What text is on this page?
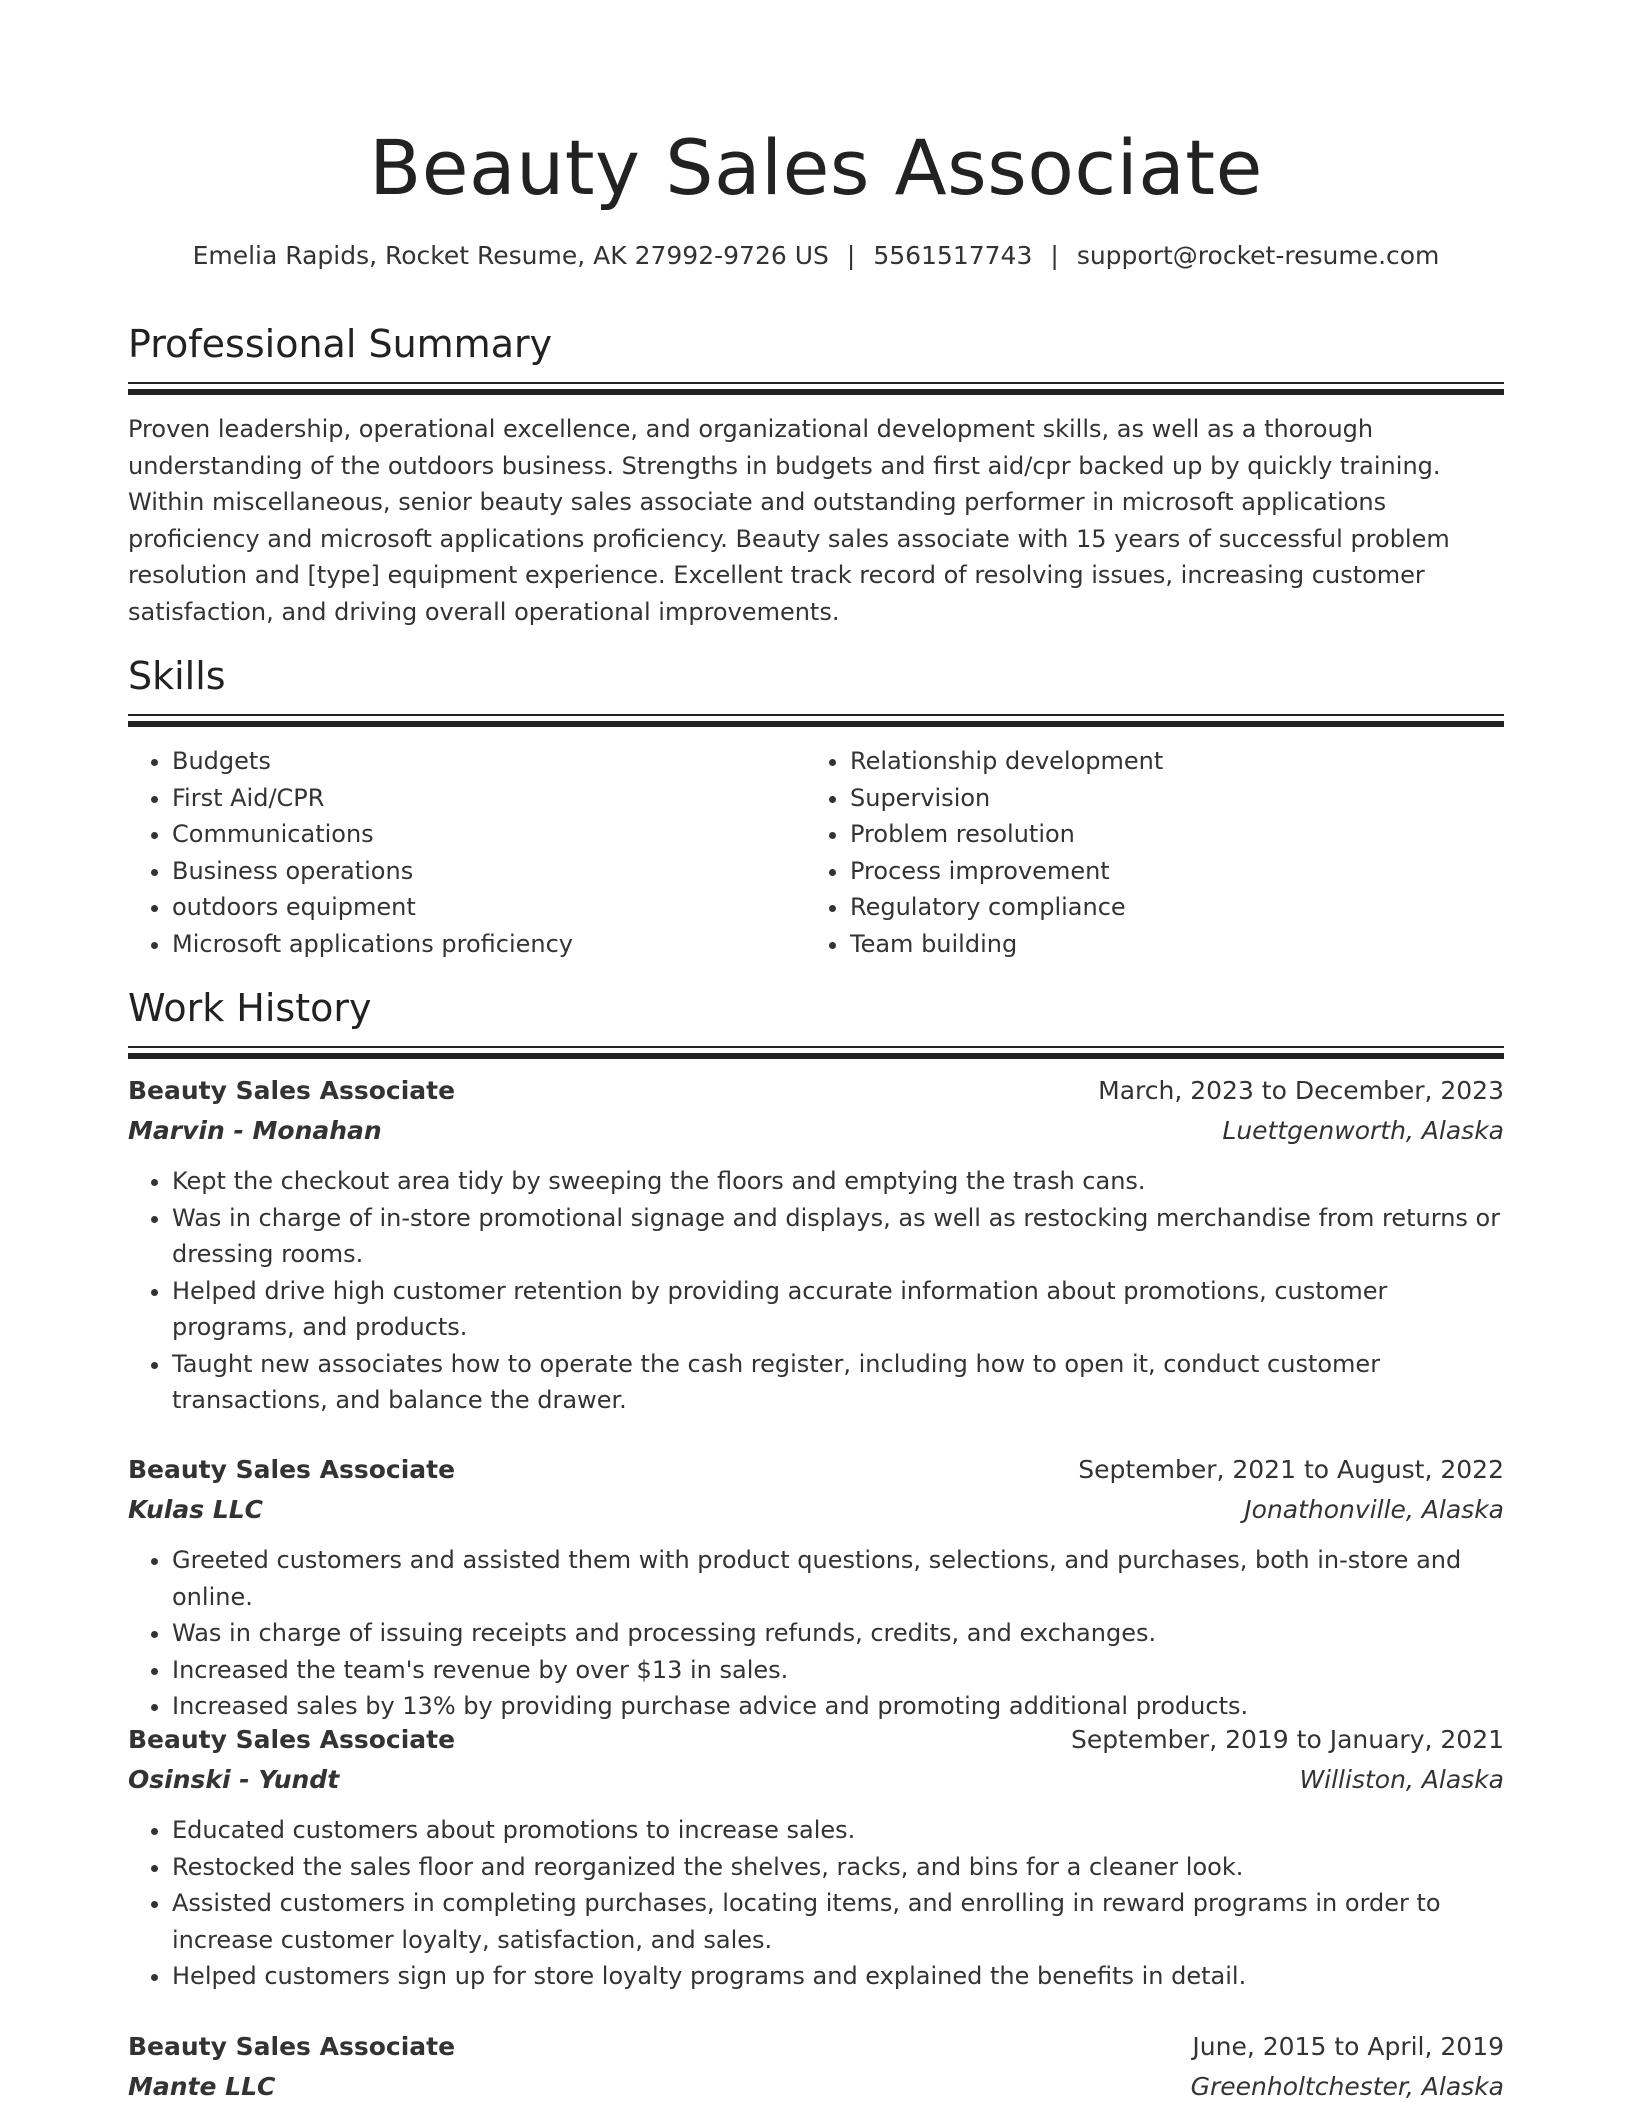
Beauty Sales Associate
Emelia Rapids, Rocket Resume, AK 27992-9726 US | 5561517743 | support@rocket-resume.com
Professional Summary

Proven leadership, operational excellence, and organizational development skills, as well as a thorough understanding of the outdoors business. Strengths in budgets and first aid/cpr backed up by quickly training. Within miscellaneous, senior beauty sales associate and outstanding performer in microsoft applications proficiency and microsoft applications proficiency. Beauty sales associate with 15 years of successful problem resolution and [type] equipment experience. Excellent track record of resolving issues, increasing customer satisfaction, and driving overall operational improvements.

Skills
• Budgets
• First Aid/CPR
• Communications
• Business operations
• outdoors equipment
• Microsoft applications proficiency
• Relationship development
• Supervision
• Problem resolution
• Process improvement
• Regulatory compliance
• Team building
Work History
Beauty Sales Associate	March, 2023 to December, 2023
Marvin - Monahan	Luettgenworth, Alaska
• Kept the checkout area tidy by sweeping the floors and emptying the trash cans.
• Was in charge of in-store promotional signage and displays, as well as restocking merchandise from returns or dressing rooms.
• Helped drive high customer retention by providing accurate information about promotions, customer programs, and products.
• Taught new associates how to operate the cash register, including how to open it, conduct customer transactions, and balance the drawer.
Beauty Sales Associate	September, 2021 to August, 2022
Kulas LLC	Jonathonville, Alaska
• Greeted customers and assisted them with product questions, selections, and purchases, both in-store and online.
• Was in charge of issuing receipts and processing refunds, credits, and exchanges.
• Increased the team's revenue by over $13 in sales.
• Increased sales by 13% by providing purchase advice and promoting additional products.
Beauty Sales Associate	September, 2019 to January, 2021
Osinski - Yundt	Williston, Alaska
• Educated customers about promotions to increase sales.
• Restocked the sales floor and reorganized the shelves, racks, and bins for a cleaner look.
• Assisted customers in completing purchases, locating items, and enrolling in reward programs in order to increase customer loyalty, satisfaction, and sales.
• Helped customers sign up for store loyalty programs and explained the benefits in detail.
Beauty Sales Associate	June, 2015 to April, 2019
Mante LLC	Greenholtchester, Alaska
